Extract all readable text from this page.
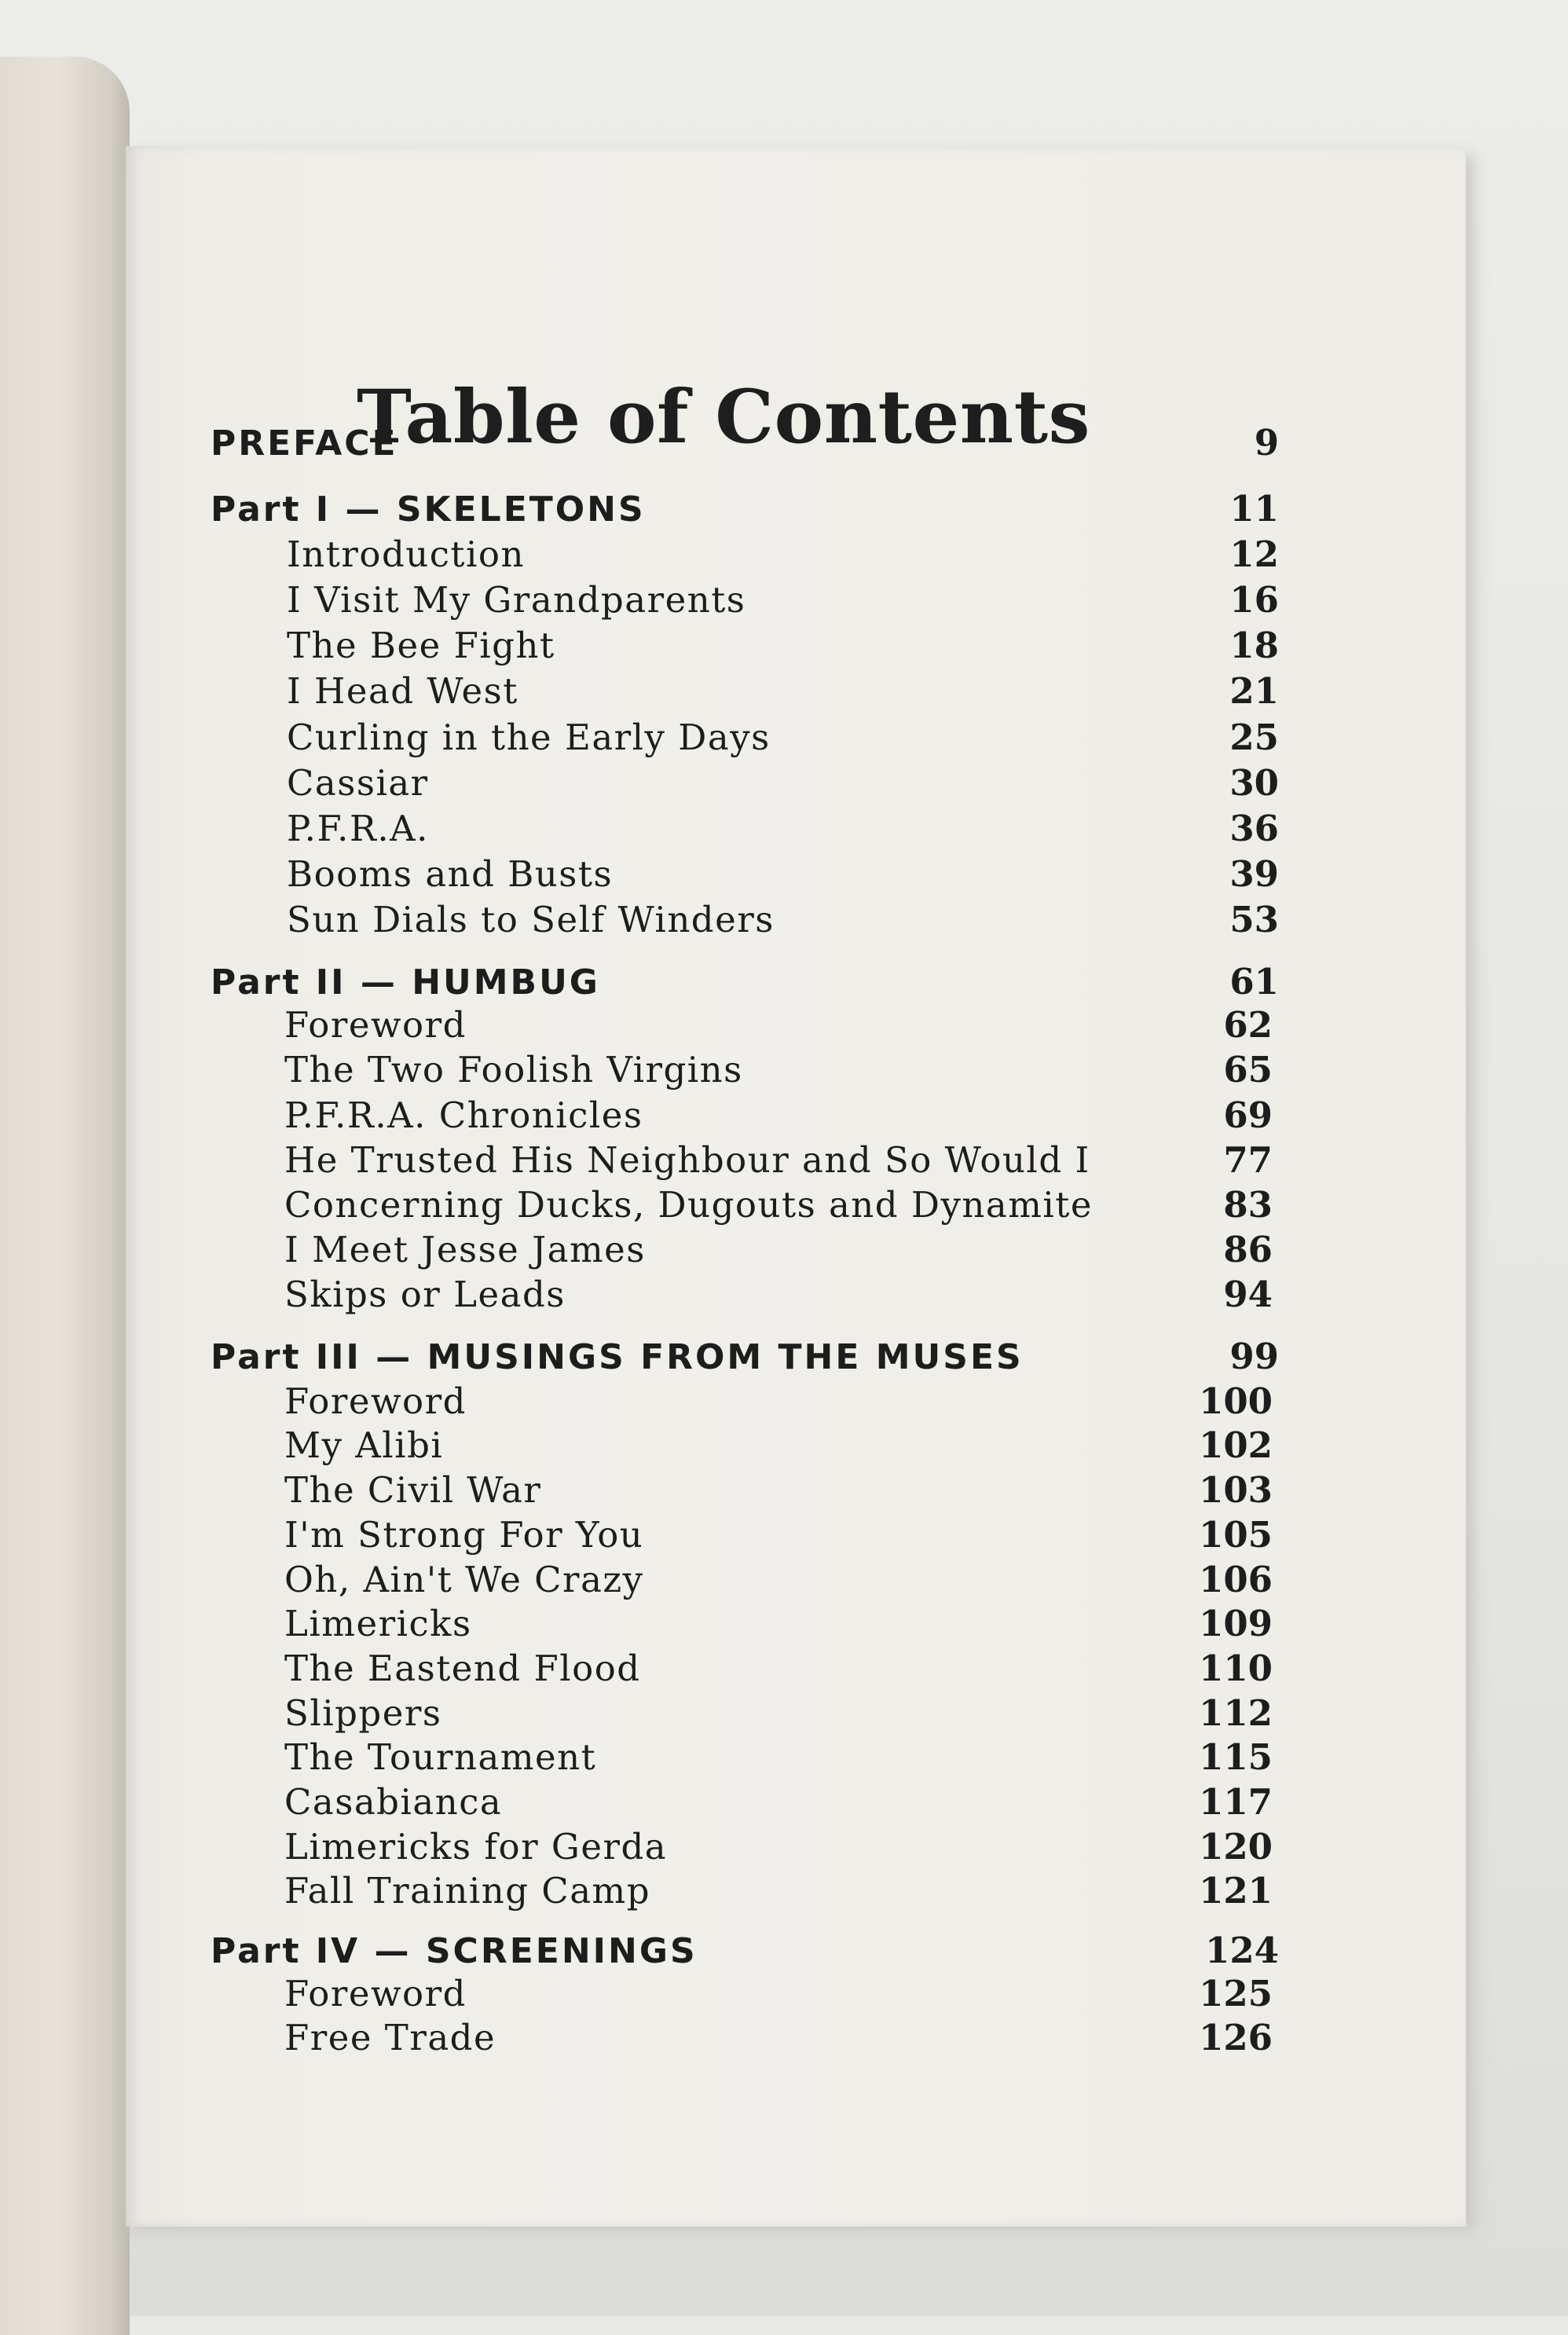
Table of Contents
PREFACE	9
Part I — SKELETONS	11
Introduction	12
I Visit My Grandparents	16
The Bee Fight	18
I Head West	21
Curling in the Early Days	25
Cassiar	30
P.F.R.A.	36
Booms and Busts	39
Sun Dials to Self Winders	53
Part II — HUMBUG	61
Foreword	62
The Two Foolish Virgins	65
P.F.R.A. Chronicles	69
He Trusted His Neighbour and So Would I	77
Concerning Ducks, Dugouts and Dynamite	83
I Meet Jesse James	86
Skips or Leads	94
Part III — MUSINGS FROM THE MUSES	99
Foreword	100
My Alibi	102
The Civil War	103
I'm Strong For You	105
Oh, Ain't We Crazy	106
Limericks	109
The Eastend Flood	110
Slippers	112
The Tournament	115
Casabianca	117
Limericks for Gerda	120
Fall Training Camp	121
Part IV — SCREENINGS	124
Foreword	125
Free Trade	126
